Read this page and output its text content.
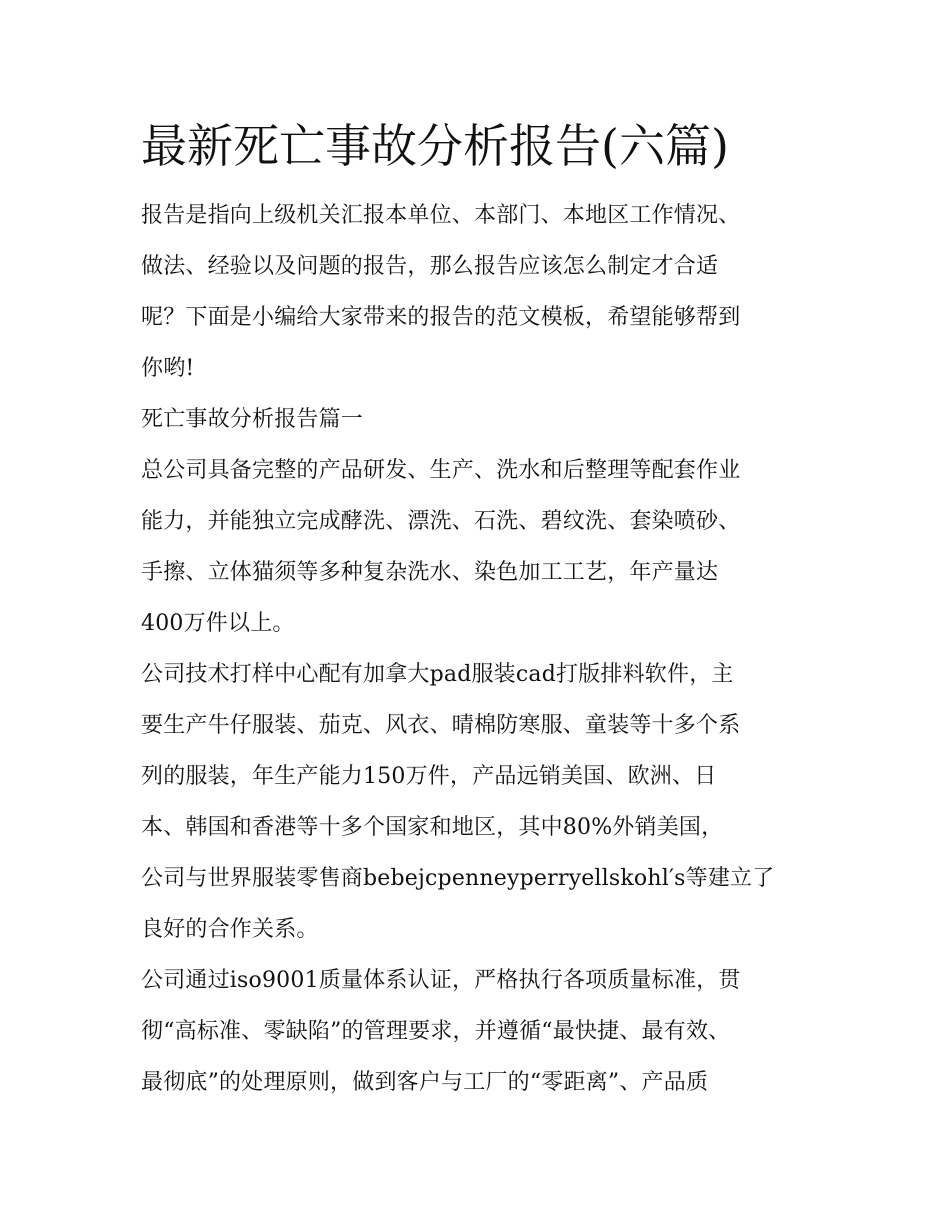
最新死亡事故分析报告(六篇)
报告是指向上级机关汇报本单位、本部门、本地区工作情况、
做法、经验以及问题的报告，那么报告应该怎么制定才合适
呢？下面是小编给大家带来的报告的范文模板，希望能够帮到
你哟!
死亡事故分析报告篇一
总公司具备完整的产品研发、生产、洗水和后整理等配套作业
能力，并能独立完成酵洗、漂洗、石洗、碧纹洗、套染喷砂、
手擦、立体猫须等多种复杂洗水、染色加工工艺，年产量达
400万件以上。
公司技术打样中心配有加拿大pad服装cad打版排料软件，主
要生产牛仔服装、茄克、风衣、晴棉防寒服、童装等十多个系
列的服装，年生产能力150万件，产品远销美国、欧洲、日
本、韩国和香港等十多个国家和地区，其中80%外销美国，
公司与世界服装零售商bebejcpenneyperryellskohl′s等建立了
良好的合作关系。
公司通过iso9001质量体系认证，严格执行各项质量标准，贯
彻“高标准、零缺陷”的管理要求，并遵循“最快捷、最有效、
最彻底”的处理原则，做到客户与工厂的“零距离”、产品质
